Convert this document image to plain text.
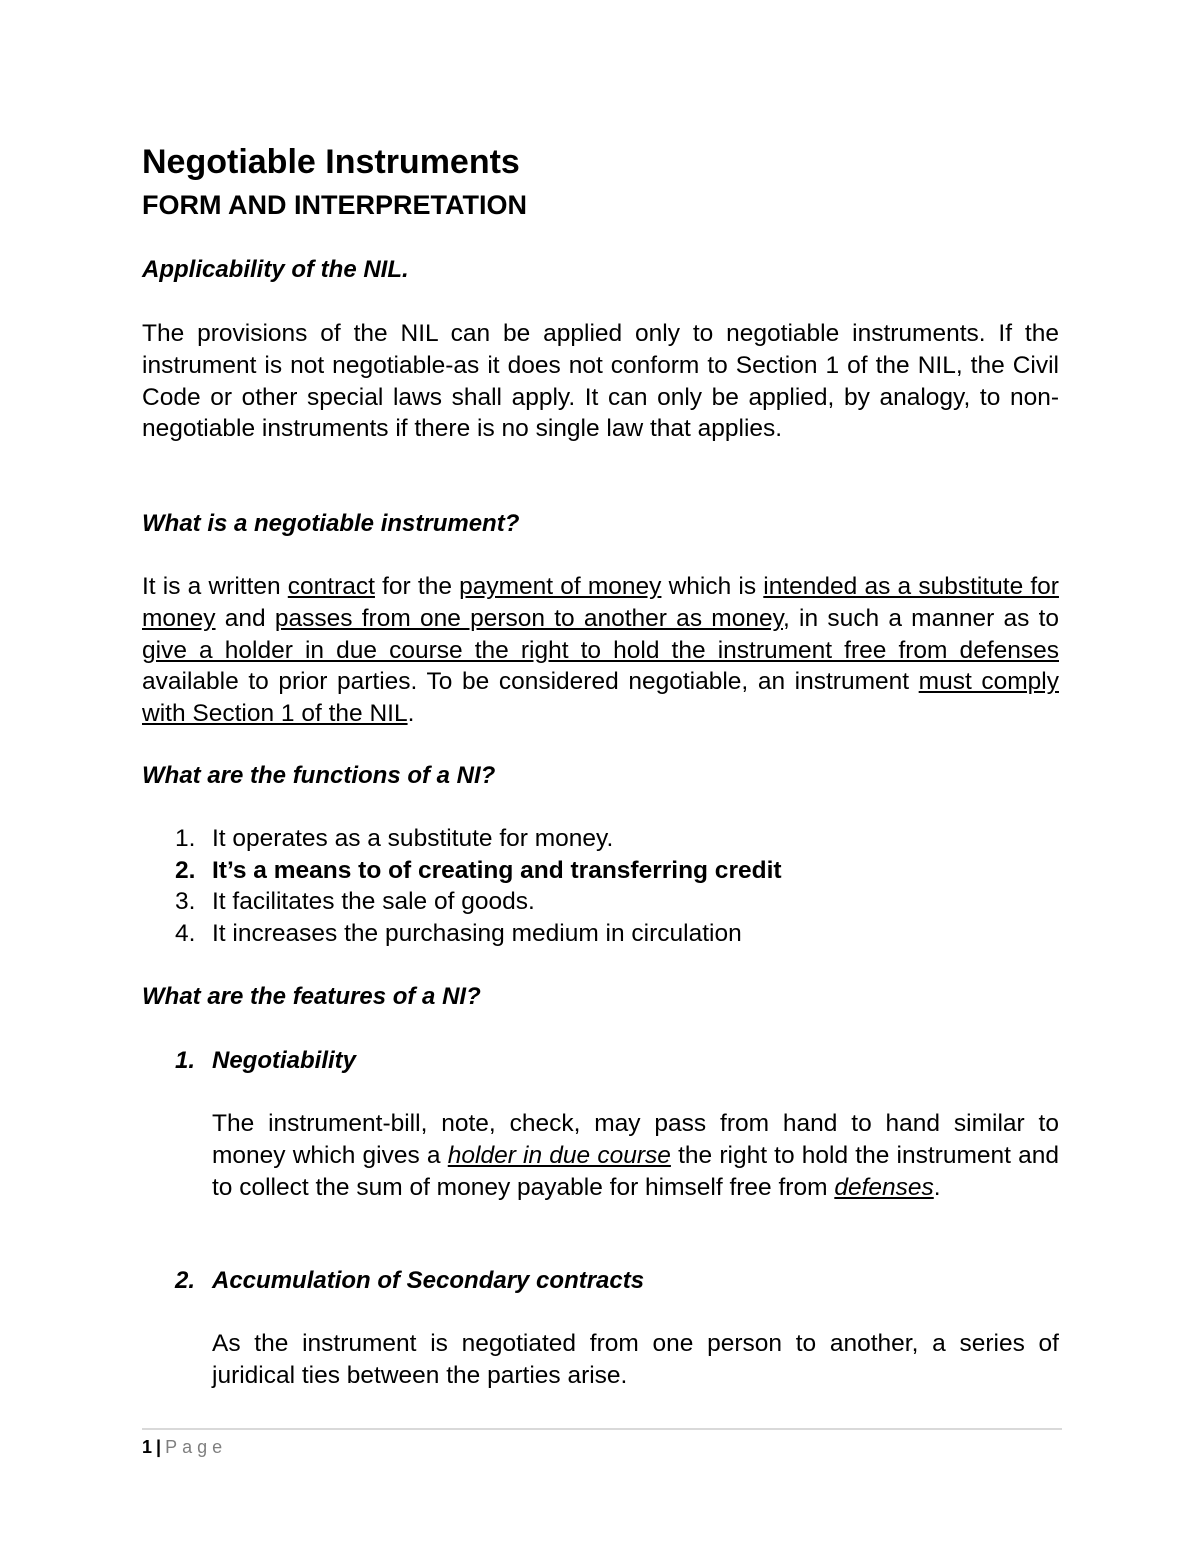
Negotiable Instruments
FORM AND INTERPRETATION
Applicability of the NIL.
The provisions of the NIL can be applied only to negotiable instruments. If the instrument is not negotiable-as it does not conform to Section 1 of the NIL, the Civil Code or other special laws shall apply. It can only be applied, by analogy, to non-negotiable instruments if there is no single law that applies.
What is a negotiable instrument?
It is a written contract for the payment of money which is intended as a substitute for money and passes from one person to another as money, in such a manner as to give a holder in due course the right to hold the instrument free from defenses available to prior parties. To be considered negotiable, an instrument must comply with Section 1 of the NIL.
What are the functions of a NI?
1. It operates as a substitute for money.
2. It’s a means to of creating and transferring credit
3. It facilitates the sale of goods.
4. It increases the purchasing medium in circulation
What are the features of a NI?
1. Negotiability
The instrument-bill, note, check, may pass from hand to hand similar to money which gives a holder in due course the right to hold the instrument and to collect the sum of money payable for himself free from defenses.
2. Accumulation of Secondary contracts
As the instrument is negotiated from one person to another, a series of juridical ties between the parties arise.
1 | Page
